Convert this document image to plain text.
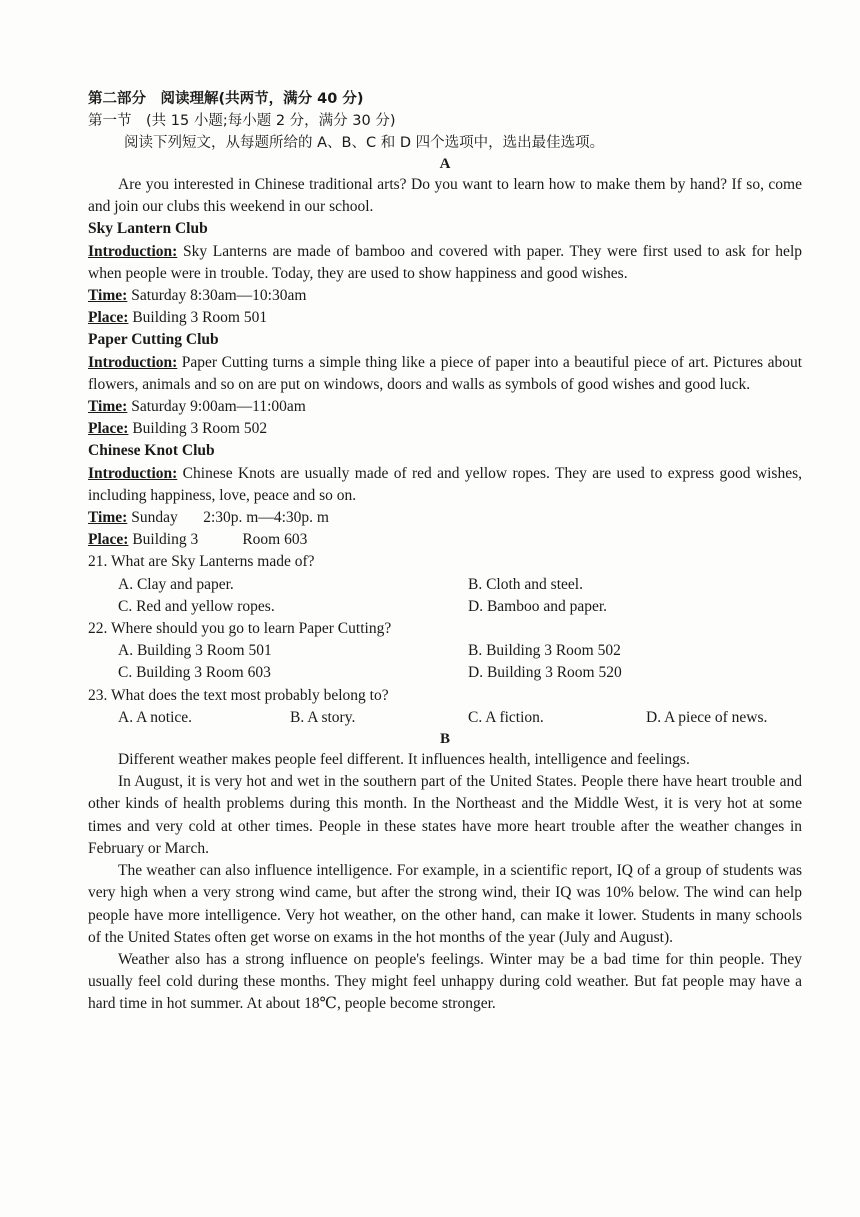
第二部分　阅读理解(共两节，满分 40 分)
第一节　(共 15 小题;每小题 2 分，满分 30 分)
阅读下列短文，从每题所给的 A、B、C 和 D 四个选项中，选出最佳选项。
A

Are you interested in Chinese traditional arts? Do you want to learn how to make them by hand? If so, come and join our clubs this weekend in our school.

Sky Lantern Club

Introduction: Sky Lanterns are made of bamboo and covered with paper. They were first used to ask for help when people were in trouble. Today, they are used to show happiness and good wishes.

Time: Saturday 8:30am—10:30am
Place: Building 3 Room 501
Paper Cutting Club

Introduction: Paper Cutting turns a simple thing like a piece of paper into a beautiful piece of art. Pictures about flowers, animals and so on are put on windows, doors and walls as symbols of good wishes and good luck.

Time: Saturday 9:00am—11:00am
Place: Building 3 Room 502
Chinese Knot Club

Introduction: Chinese Knots are usually made of red and yellow ropes. They are used to express good wishes, including happiness, love, peace and so on.

Time: Sunday 2:30p. m—4:30p. m
Place: Building 3	Room 603
21. What are Sky Lanterns made of?
A. Clay and paper.	B. Cloth and steel.
C. Red and yellow ropes.	D. Bamboo and paper.
22. Where should you go to learn Paper Cutting?
A. Building 3 Room 501	B. Building 3 Room 502
C. Building 3 Room 603	D. Building 3 Room 520
23. What does the text most probably belong to?
A. A notice.	B. A story.	C. A fiction.	D. A piece of news.
B

Different weather makes people feel different. It influences health, intelligence and feelings.

In August, it is very hot and wet in the southern part of the United States. People there have heart trouble and other kinds of health problems during this month. In the Northeast and the Middle West, it is very hot at some times and very cold at other times. People in these states have more heart trouble after the weather changes in February or March.

The weather can also influence intelligence. For example, in a scientific report, IQ of a group of students was very high when a very strong wind came, but after the strong wind, their IQ was 10% below. The wind can help people have more intelligence. Very hot weather, on the other hand, can make it lower. Students in many schools of the United States often get worse on exams in the hot months of the year (July and August).

Weather also has a strong influence on people's feelings. Winter may be a bad time for thin people. They usually feel cold during these months. They might feel unhappy during cold weather. But fat people may have a hard time in hot summer. At about 18℃, people become stronger.
